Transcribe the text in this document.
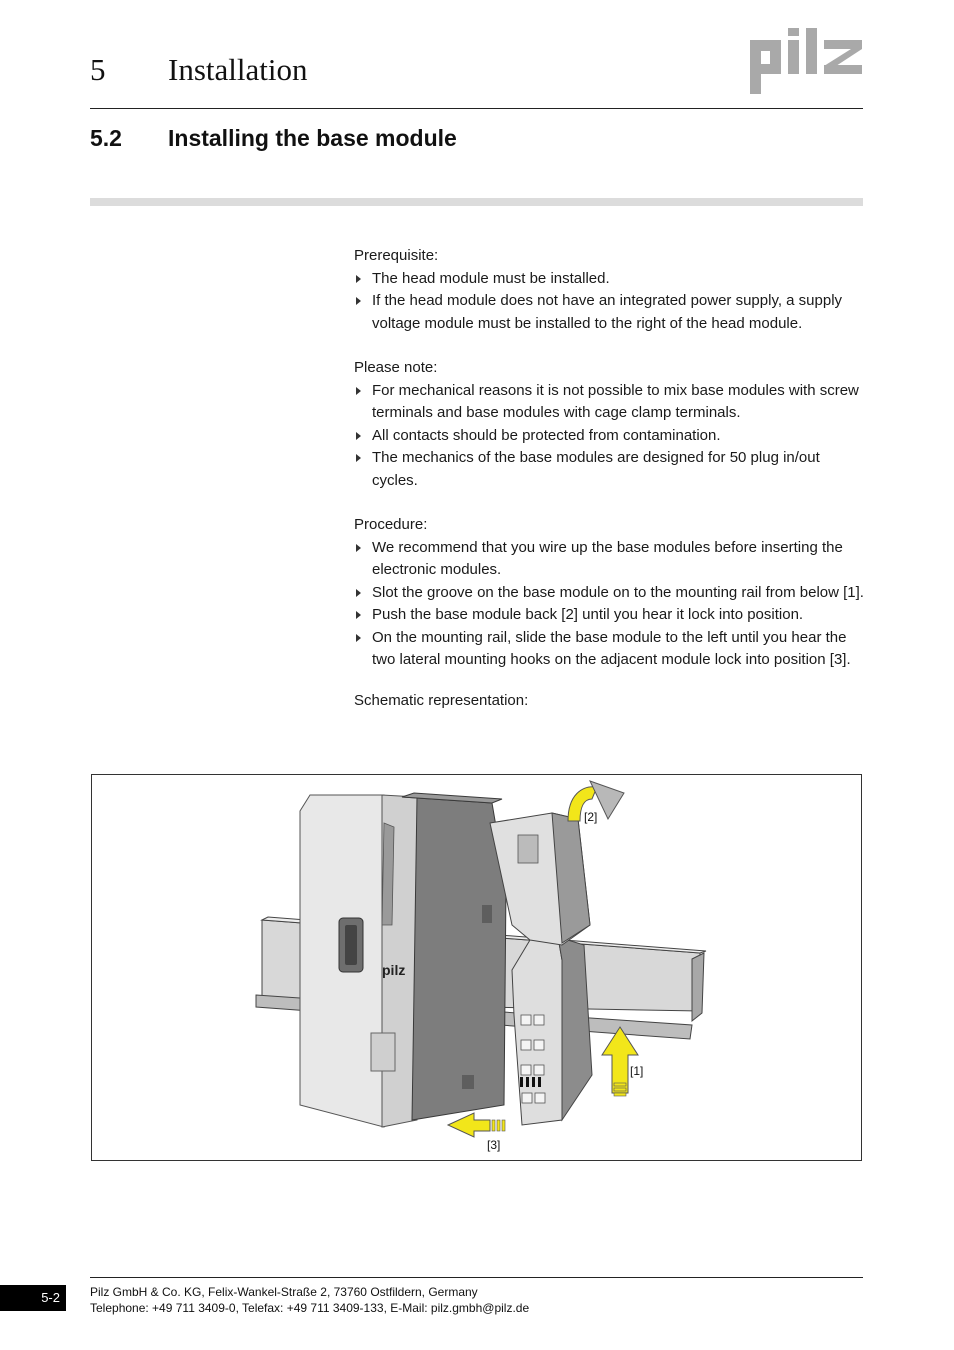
5 Installation
5.2 Installing the base module

Prerequisite:

The head module must be installed.
If the head module does not have an integrated power supply, a supply voltage module must be installed to the right of the head module.

Please note:

For mechanical reasons it is not possible to mix base modules with screw terminals and base modules with cage clamp terminals.
All contacts should be protected from contamination.
The mechanics of the base modules are designed for 50 plug in/out cycles.

Procedure:

We recommend that you wire up the base modules before inserting the electronic modules.
Slot the groove on the base module on to the mounting rail from below [1].
Push the base module back [2] until you hear it lock into position.
On the mounting rail, slide the base module to the left until you hear the two lateral mounting hooks on the adjacent module lock into position [3].

Schematic representation:

pilz
[2]
[1]
[3]
5-2	Pilz GmbH & Co. KG, Felix-Wankel-Straße 2, 73760 Ostfildern, Germany
Telephone: +49 711 3409-0, Telefax: +49 711 3409-133, E-Mail: pilz.gmbh@pilz.de
